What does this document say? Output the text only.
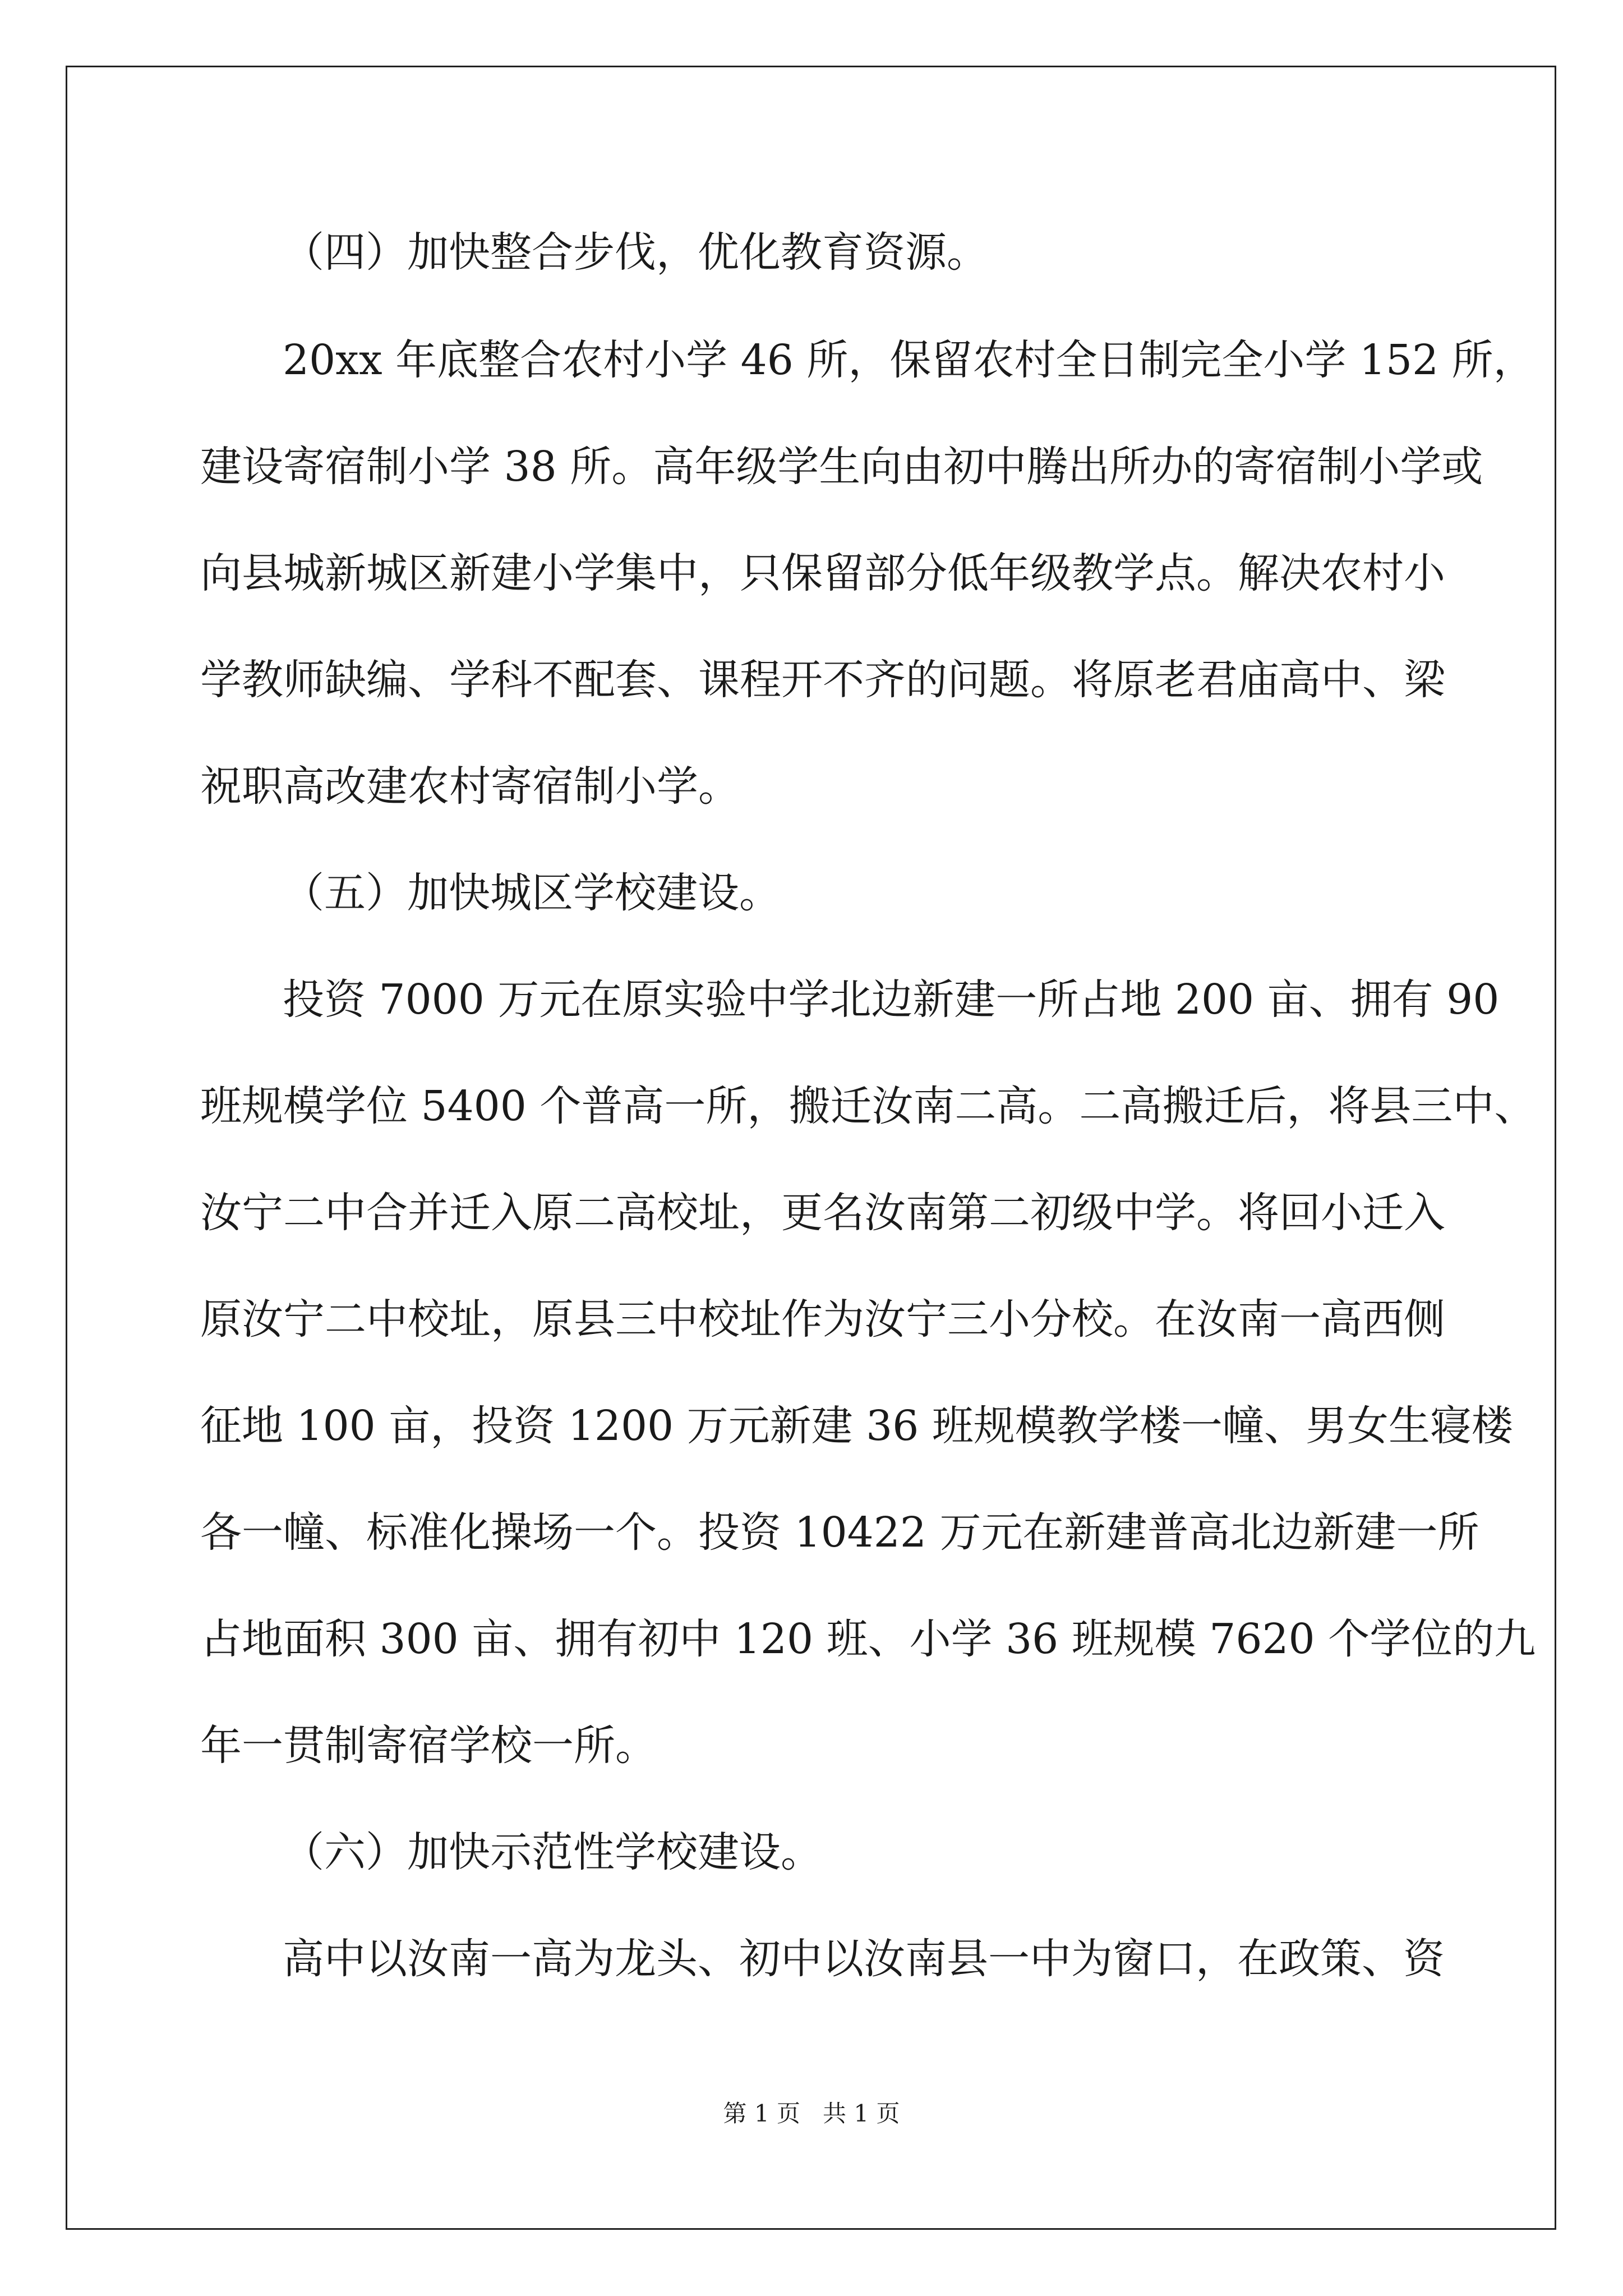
（四）加快整合步伐，优化教育资源。
20xx 年底整合农村小学 46 所，保留农村全日制完全小学 152 所，
建设寄宿制小学 38 所。高年级学生向由初中腾出所办的寄宿制小学或
向县城新城区新建小学集中，只保留部分低年级教学点。解决农村小
学教师缺编、学科不配套、课程开不齐的问题。将原老君庙高中、梁
祝职高改建农村寄宿制小学。
（五）加快城区学校建设。
投资 7000 万元在原实验中学北边新建一所占地 200 亩、拥有 90
班规模学位 5400 个普高一所，搬迁汝南二高。二高搬迁后，将县三中、
汝宁二中合并迁入原二高校址，更名汝南第二初级中学。将回小迁入
原汝宁二中校址，原县三中校址作为汝宁三小分校。在汝南一高西侧
征地 100 亩，投资 1200 万元新建 36 班规模教学楼一幢、男女生寝楼
各一幢、标准化操场一个。投资 10422 万元在新建普高北边新建一所
占地面积 300 亩、拥有初中 120 班、小学 36 班规模 7620 个学位的九
年一贯制寄宿学校一所。
（六）加快示范性学校建设。
高中以汝南一高为龙头、初中以汝南县一中为窗口，在政策、资
第 1 页 共 1 页
